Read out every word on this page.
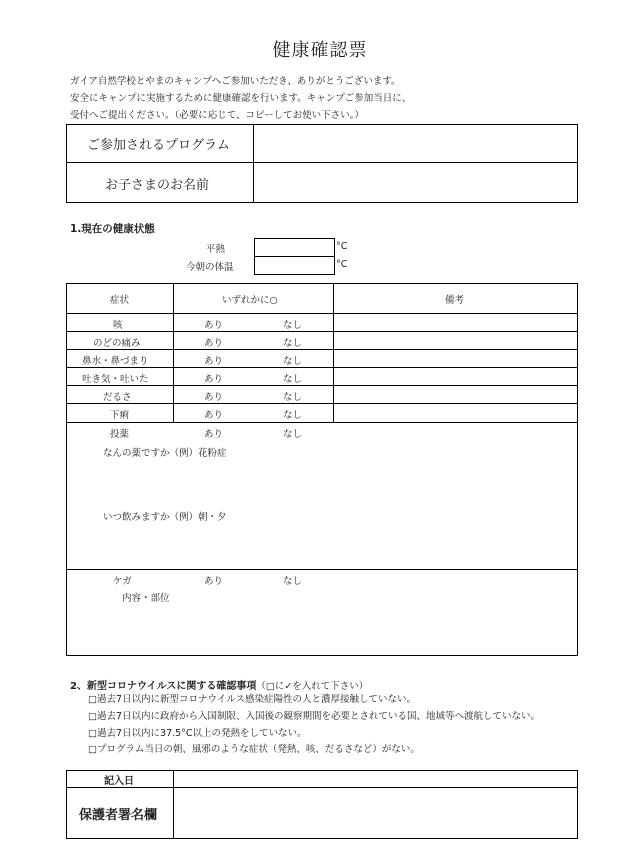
健康確認票
ガイア自然学校とやまのキャンプへご参加いただき、ありがとうございます。
安全にキャンプに実施するために健康確認を行います。キャンプご参加当日に、
受付へご提出ください。（必要に応じて、コピーしてお使い下さい。）
ご参加されるプログラム
お子さまのお名前
1.現在の健康状態
平熱	°C
今朝の体温	°C
症状	いずれかに○	備考
咳	あり	なし
のどの痛み	あり	なし
鼻水・鼻づまり	あり	なし
吐き気・吐いた	あり	なし
だるさ	あり	なし
下痢	あり	なし
投薬	あり	なし
なんの薬ですか（例）花粉症
いつ飲みますか（例）朝・夕
ケガ	あり	なし
内容・部位
2、新型コロナウイルスに関する確認事項（□に✓を入れて下さい）
□過去7日以内に新型コロナウイルス感染症陽性の人と濃厚接触していない。
□過去7日以内に政府から入国制限、入国後の観察期間を必要とされている国、地域等へ渡航していない。
□過去7日以内に37.5°C以上の発熱をしていない。
□プログラム当日の朝、風邪のような症状（発熱、咳、だるさなど）がない。
記入日
保護者署名欄
